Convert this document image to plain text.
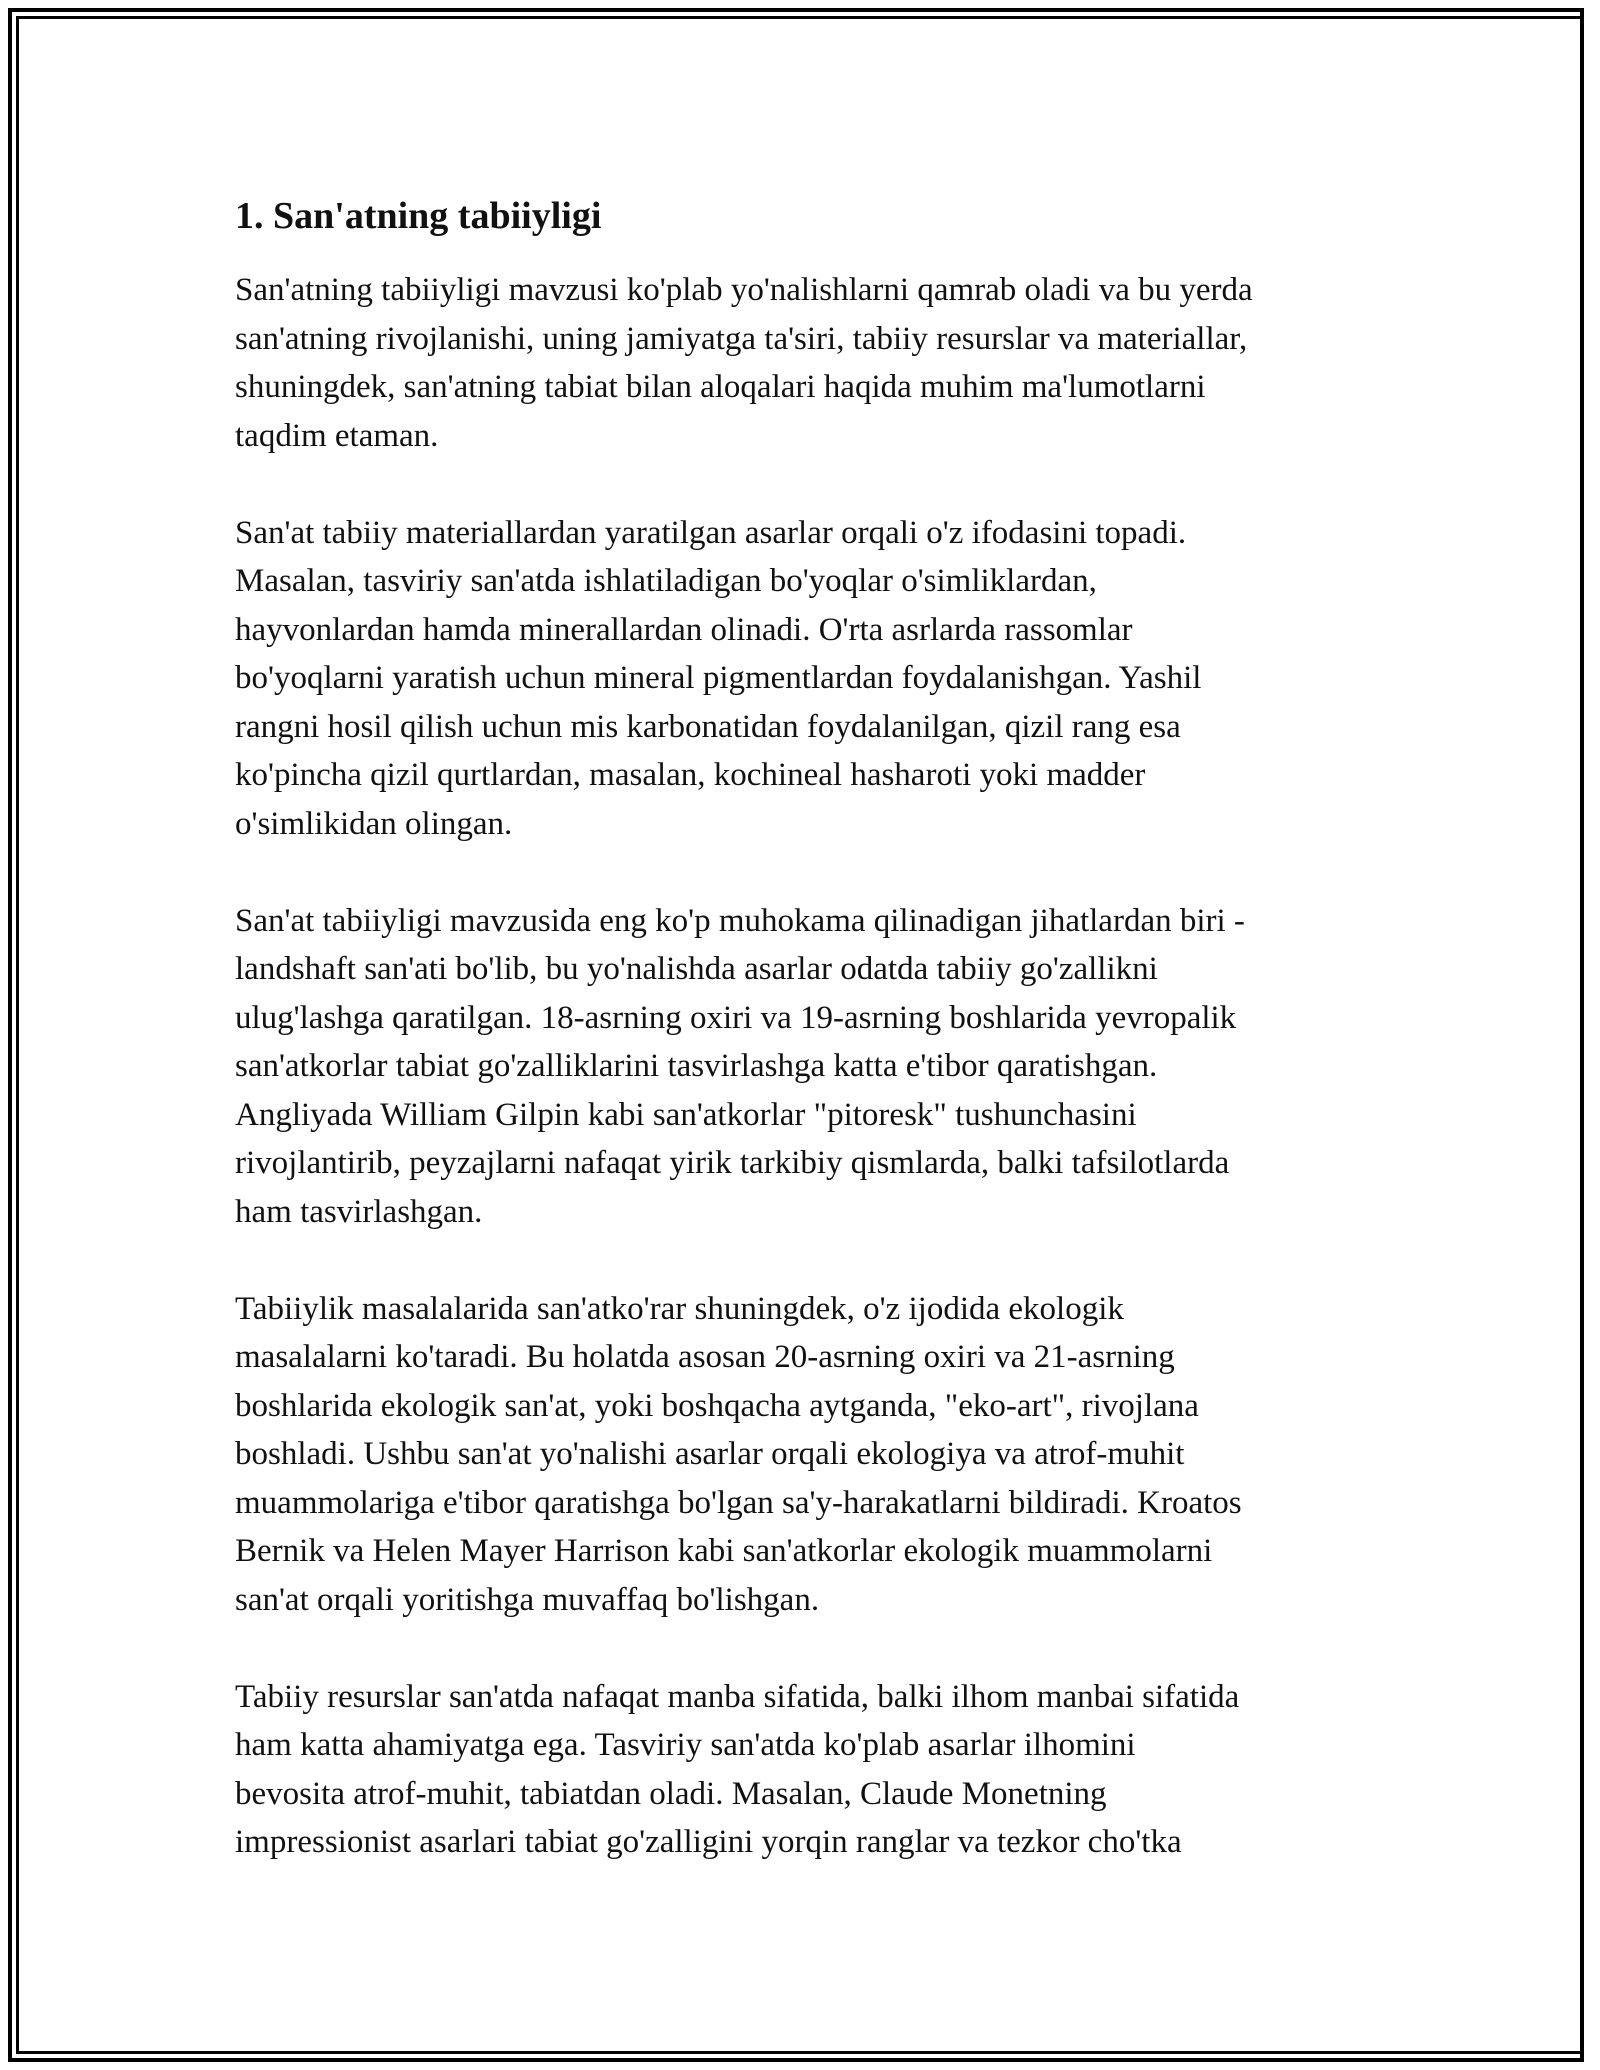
1. San'atning tabiiyligi

San'atning tabiiyligi mavzusi ko'plab yo'nalishlarni qamrab oladi va bu yerda
san'atning rivojlanishi, uning jamiyatga ta'siri, tabiiy resurslar va materiallar,
shuningdek, san'atning tabiat bilan aloqalari haqida muhim ma'lumotlarni
taqdim etaman.

San'at tabiiy materiallardan yaratilgan asarlar orqali o'z ifodasini topadi.
Masalan, tasviriy san'atda ishlatiladigan bo'yoqlar o'simliklardan,
hayvonlardan hamda minerallardan olinadi. O'rta asrlarda rassomlar
bo'yoqlarni yaratish uchun mineral pigmentlardan foydalanishgan. Yashil
rangni hosil qilish uchun mis karbonatidan foydalanilgan, qizil rang esa
ko'pincha qizil qurtlardan, masalan, kochineal hasharoti yoki madder
o'simlikidan olingan.

San'at tabiiyligi mavzusida eng ko'p muhokama qilinadigan jihatlardan biri -
landshaft san'ati bo'lib, bu yo'nalishda asarlar odatda tabiiy go'zallikni
ulug'lashga qaratilgan. 18-asrning oxiri va 19-asrning boshlarida yevropalik
san'atkorlar tabiat go'zalliklarini tasvirlashga katta e'tibor qaratishgan.
Angliyada William Gilpin kabi san'atkorlar "pitoresk" tushunchasini
rivojlantirib, peyzajlarni nafaqat yirik tarkibiy qismlarda, balki tafsilotlarda
ham tasvirlashgan.

Tabiiylik masalalarida san'atko'rar shuningdek, o'z ijodida ekologik
masalalarni ko'taradi. Bu holatda asosan 20-asrning oxiri va 21-asrning
boshlarida ekologik san'at, yoki boshqacha aytganda, "eko-art", rivojlana
boshladi. Ushbu san'at yo'nalishi asarlar orqali ekologiya va atrof-muhit
muammolariga e'tibor qaratishga bo'lgan sa'y-harakatlarni bildiradi. Kroatos
Bernik va Helen Mayer Harrison kabi san'atkorlar ekologik muammolarni
san'at orqali yoritishga muvaffaq bo'lishgan.

Tabiiy resurslar san'atda nafaqat manba sifatida, balki ilhom manbai sifatida
ham katta ahamiyatga ega. Tasviriy san'atda ko'plab asarlar ilhomini
bevosita atrof-muhit, tabiatdan oladi. Masalan, Claude Monetning
impressionist asarlari tabiat go'zalligini yorqin ranglar va tezkor cho'tka
